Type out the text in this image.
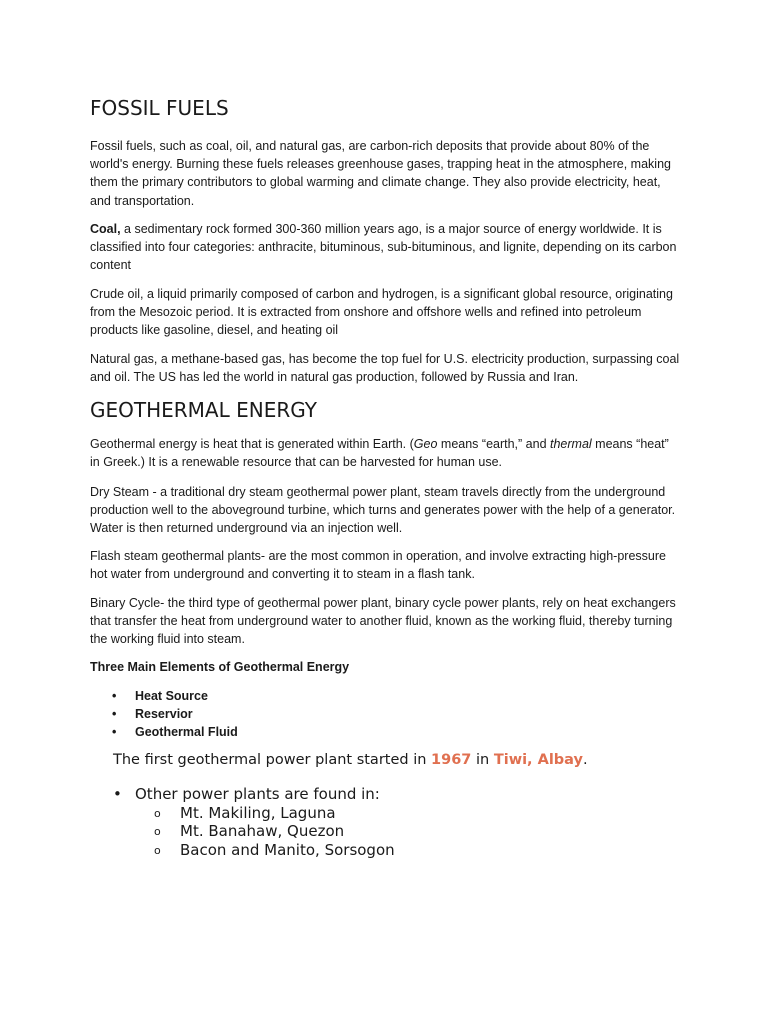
FOSSIL FUELS

Fossil fuels, such as coal, oil, and natural gas, are carbon-rich deposits that provide about 80% of the world's energy. Burning these fuels releases greenhouse gases, trapping heat in the atmosphere, making them the primary contributors to global warming and climate change. They also provide electricity, heat, and transportation.

Coal, a sedimentary rock formed 300-360 million years ago, is a major source of energy worldwide. It is classified into four categories: anthracite, bituminous, sub-bituminous, and lignite, depending on its carbon content

Crude oil, a liquid primarily composed of carbon and hydrogen, is a significant global resource, originating from the Mesozoic period. It is extracted from onshore and offshore wells and refined into petroleum products like gasoline, diesel, and heating oil

Natural gas, a methane-based gas, has become the top fuel for U.S. electricity production, surpassing coal and oil. The US has led the world in natural gas production, followed by Russia and Iran.

GEOTHERMAL ENERGY

Geothermal energy is heat that is generated within Earth. (Geo means “earth,” and thermal means “heat” in Greek.) It is a renewable resource that can be harvested for human use.

Dry Steam - a traditional dry steam geothermal power plant, steam travels directly from the underground production well to the aboveground turbine, which turns and generates power with the help of a generator. Water is then returned underground via an injection well.

Flash steam geothermal plants- are the most common in operation, and involve extracting high-pressure hot water from underground and converting it to steam in a flash tank.

Binary Cycle- the third type of geothermal power plant, binary cycle power plants, rely on heat exchangers that transfer the heat from underground water to another fluid, known as the working fluid, thereby turning the working fluid into steam.

Three Main Elements of Geothermal Energy

• Heat Source
• Reservior
• Geothermal Fluid

The first geothermal power plant started in 1967 in Tiwi, Albay.

• Other power plants are found in:
o Mt. Makiling, Laguna
o Mt. Banahaw, Quezon
o Bacon and Manito, Sorsogon
